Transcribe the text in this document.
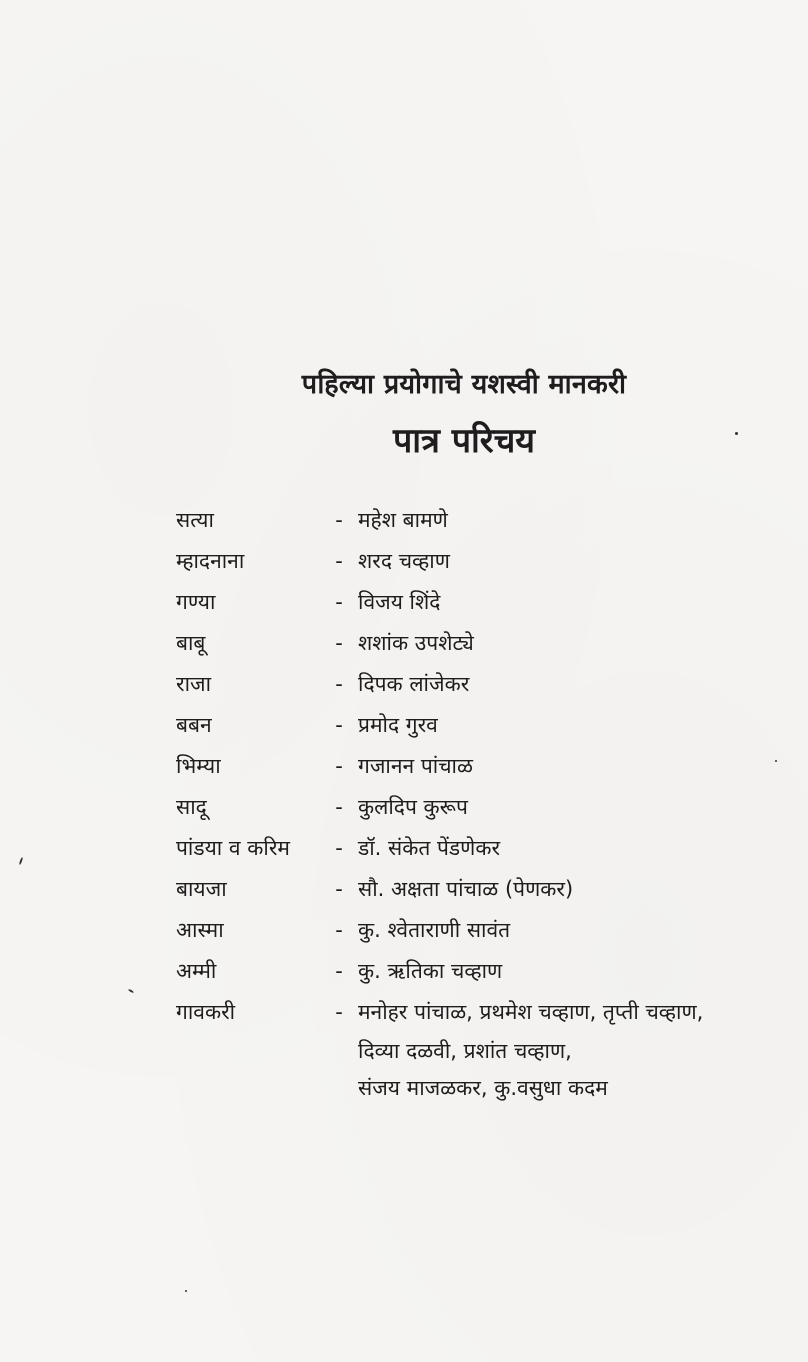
पहिल्या प्रयोगाचे यशस्वी मानकरी
पात्र परिचय
सत्या	- महेश बामणे
म्हादनाना	- शरद चव्हाण
गण्या	- विजय शिंदे
बाबू	- शशांक उपशेट्ये
राजा	- दिपक लांजेकर
बबन	- प्रमोद गुरव
भिम्या	- गजानन पांचाळ
सादू	- कुलदिप कुरूप
पांडया व करिम	- डॉ. संकेत पेंडणेकर
बायजा	- सौ. अक्षता पांचाळ (पेणकर)
आस्मा	- कु. श्वेताराणी सावंत
अम्मी	- कु. ऋतिका चव्हाण
गावकरी	- मनोहर पांचाळ, प्रथमेश चव्हाण, तृप्ती चव्हाण,
दिव्या दळवी, प्रशांत चव्हाण,
संजय माजळकर, कु.वसुधा कदम
